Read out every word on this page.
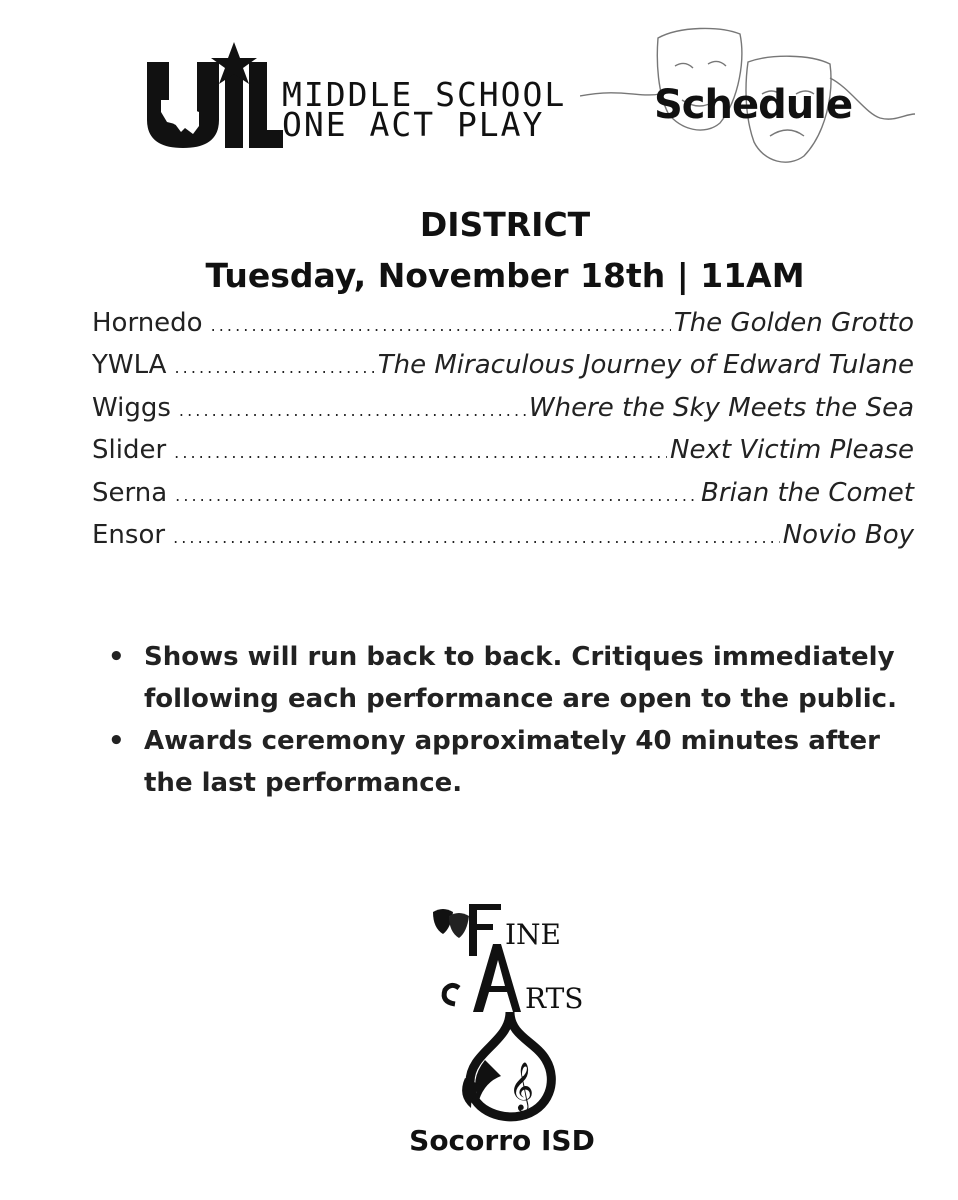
MIDDLE SCHOOL
ONE ACT PLAY	Schedule
DISTRICT
Tuesday, November 18th | 11AM
Hornedo . . .	The Golden Grotto
YWLA . . .	The Miraculous Journey of Edward Tulane
Wiggs . . .	Where the Sky Meets the Sea
Slider . . .	Next Victim Please
Serna . . .	Brian the Comet
Ensor . . .	Novio Boy
• Shows will run back to back. Critiques immediately following each performance are open to the public.
• Awards ceremony approximately 40 minutes after the last performance.
INE
RTS
𝄞
Socorro ISD
